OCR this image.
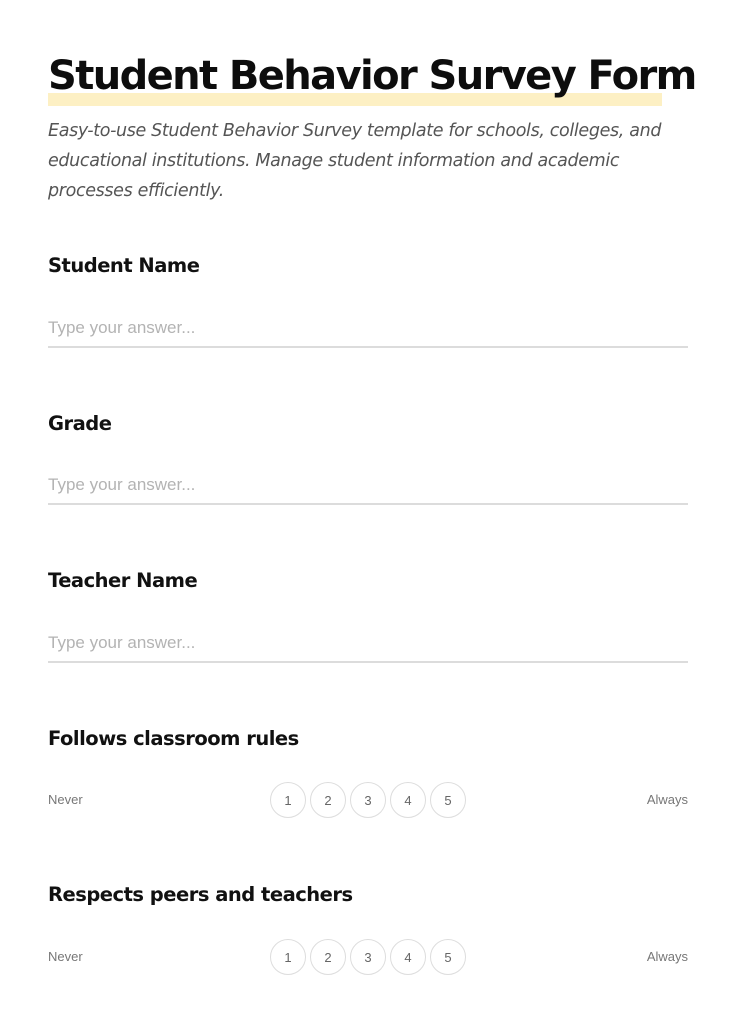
Student Behavior Survey Form

Easy-to-use Student Behavior Survey template for schools, colleges, and educational institutions. Manage student information and academic processes efficiently.

Student Name
Type your answer...
Grade
Type your answer...
Teacher Name
Type your answer...
Follows classroom rules
Never	1	2	3	4	5	Always
Respects peers and teachers
Never	1	2	3	4	5	Always
